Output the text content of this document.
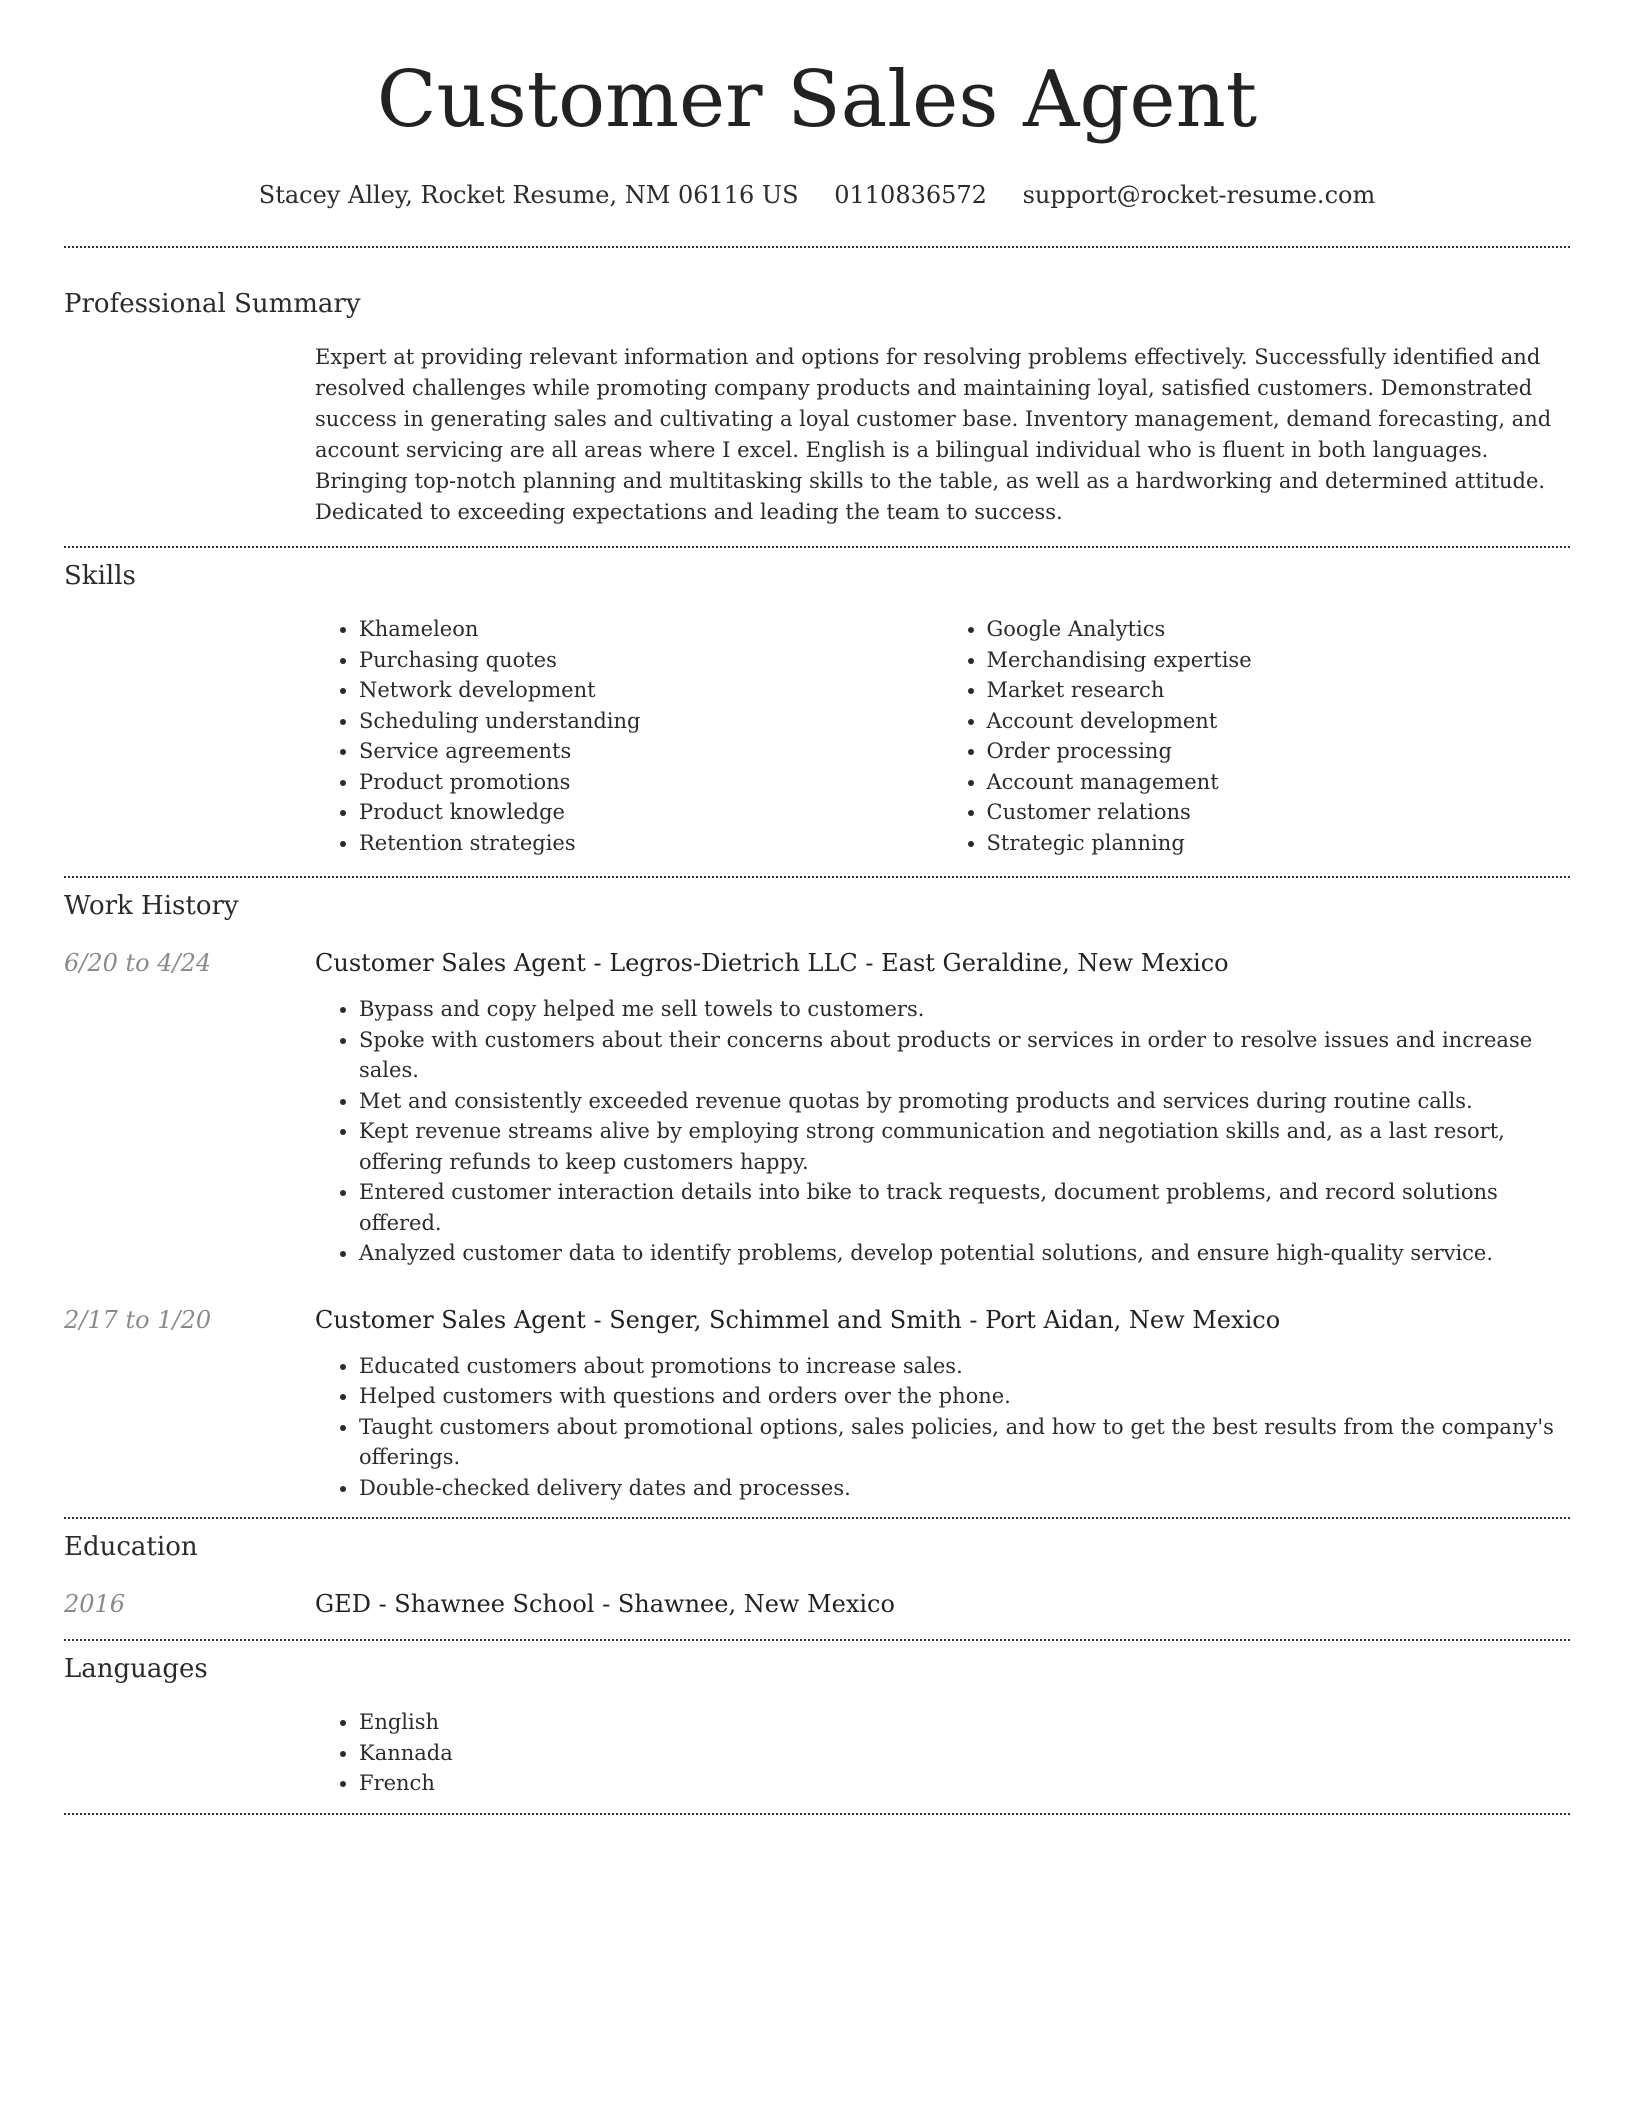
Customer Sales Agent
Stacey Alley, Rocket Resume, NM 06116 US 0110836572 support@rocket-resume.com
Professional Summary
Expert at providing relevant information and options for resolving problems effectively. Successfully identified and resolved challenges while promoting company products and maintaining loyal, satisfied customers. Demonstrated success in generating sales and cultivating a loyal customer base. Inventory management, demand forecasting, and account servicing are all areas where I excel. English is a bilingual individual who is fluent in both languages. Bringing top-notch planning and multitasking skills to the table, as well as a hardworking and determined attitude. Dedicated to exceeding expectations and leading the team to success.
Skills
• Khameleon
• Purchasing quotes
• Network development
• Scheduling understanding
• Service agreements
• Product promotions
• Product knowledge
• Retention strategies
• Google Analytics
• Merchandising expertise
• Market research
• Account development
• Order processing
• Account management
• Customer relations
• Strategic planning
Work History
6/20 to 4/24	Customer Sales Agent - Legros-Dietrich LLC - East Geraldine, New Mexico
• Bypass and copy helped me sell towels to customers.
• Spoke with customers about their concerns about products or services in order to resolve issues and increase sales.
• Met and consistently exceeded revenue quotas by promoting products and services during routine calls.
• Kept revenue streams alive by employing strong communication and negotiation skills and, as a last resort, offering refunds to keep customers happy.
• Entered customer interaction details into bike to track requests, document problems, and record solutions offered.
• Analyzed customer data to identify problems, develop potential solutions, and ensure high-quality service.
2/17 to 1/20	Customer Sales Agent - Senger, Schimmel and Smith - Port Aidan, New Mexico
• Educated customers about promotions to increase sales.
• Helped customers with questions and orders over the phone.
• Taught customers about promotional options, sales policies, and how to get the best results from the company's offerings.
• Double-checked delivery dates and processes.
Education
2016	GED - Shawnee School - Shawnee, New Mexico
Languages
• English
• Kannada
• French
